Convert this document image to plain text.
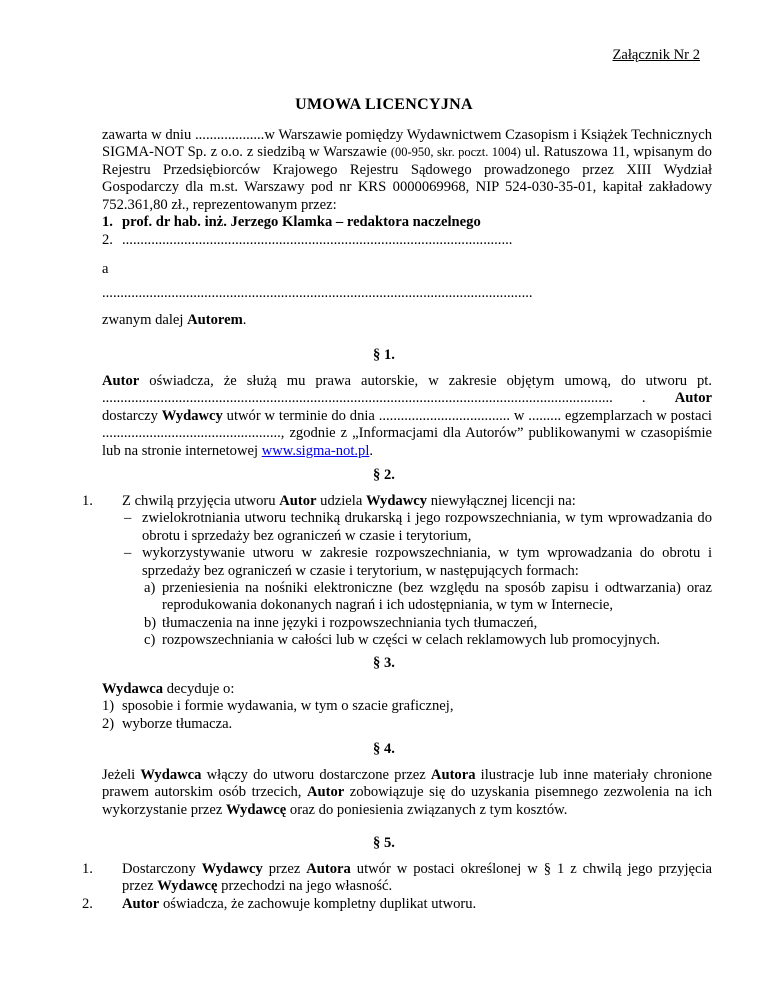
Załącznik Nr 2
UMOWA LICENCYJNA

zawarta w dniu ...................w Warszawie pomiędzy Wydawnictwem Czasopism i Książek Technicznych SIGMA-NOT Sp. z o.o. z siedzibą w Warszawie (00-950, skr. poczt. 1004) ul. Ratuszowa 11, wpisanym do Rejestru Przedsiębiorców Krajowego Rejestru Sądowego prowadzonego przez XIII Wydział Gospodarczy dla m.st. Warszawy pod nr KRS 0000069968, NIP 524-030-35-01, kapitał zakładowy 752.361,80 zł., reprezentowanym przez:

1. prof. dr hab. inż. Jerzego Klamka – redaktora naczelnego

2. ...........................................................................................................

a

......................................................................................................................

zwanym dalej Autorem.

§ 1.

Autor oświadcza, że służą mu prawa autorskie, w zakresie objętym umową, do utworu pt. ............................................................................................................................................ . Autor dostarczy Wydawcy utwór w terminie do dnia .................................... w ......... egzemplarzach w postaci ................................................., zgodnie z „Informacjami dla Autorów” publikowanymi w czasopiśmie lub na stronie internetowej www.sigma-not.pl.

§ 2.

1. Z chwilą przyjęcia utworu Autor udziela Wydawcy niewyłącznej licencji na:

– zwielokrotniania utworu techniką drukarską i jego rozpowszechniania, w tym wprowadzania do obrotu i sprzedaży bez ograniczeń w czasie i terytorium,

– wykorzystywanie utworu w zakresie rozpowszechniania, w tym wprowadzania do obrotu i sprzedaży bez ograniczeń w czasie i terytorium, w następujących formach:

a) przeniesienia na nośniki elektroniczne (bez względu na sposób zapisu i odtwarzania) oraz reprodukowania dokonanych nagrań i ich udostępniania, w tym w Internecie,

b) tłumaczenia na inne języki i rozpowszechniania tych tłumaczeń,

c) rozpowszechniania w całości lub w części w celach reklamowych lub promocyjnych.

§ 3.

Wydawca decyduje o:

1) sposobie i formie wydawania, w tym o szacie graficznej,

2) wyborze tłumacza.

§ 4.

Jeżeli Wydawca włączy do utworu dostarczone przez Autora ilustracje lub inne materiały chronione prawem autorskim osób trzecich, Autor zobowiązuje się do uzyskania pisemnego zezwolenia na ich wykorzystanie przez Wydawcę oraz do poniesienia związanych z tym kosztów.

§ 5.

1. Dostarczony Wydawcy przez Autora utwór w postaci określonej w § 1 z chwilą jego przyjęcia przez Wydawcę przechodzi na jego własność.

2. Autor oświadcza, że zachowuje kompletny duplikat utworu.
